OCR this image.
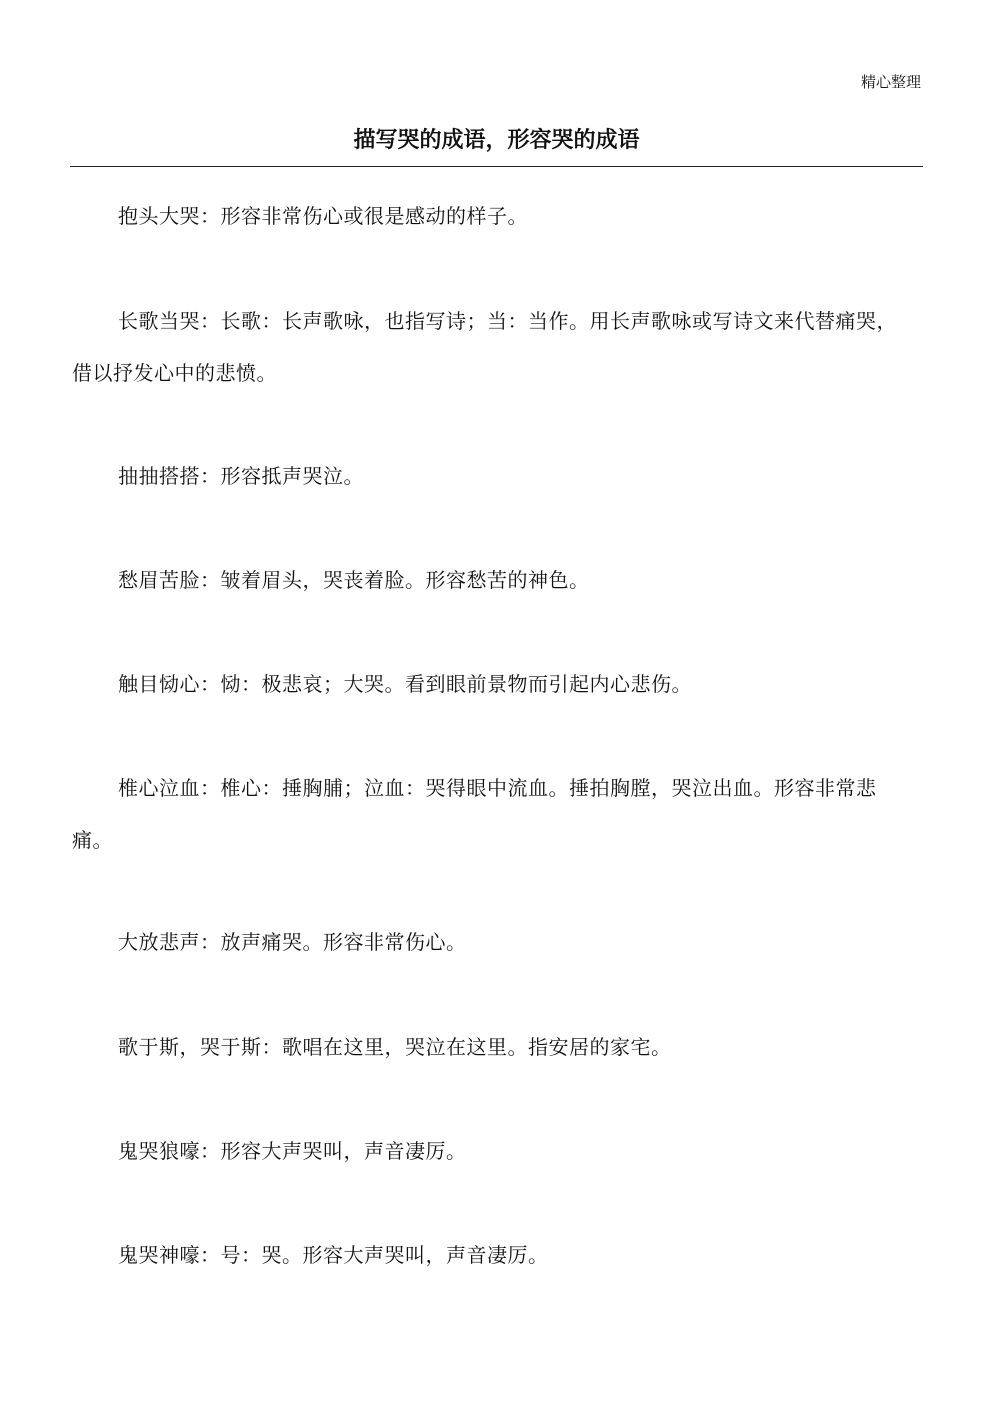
精心整理
描写哭的成语，形容哭的成语

抱头大哭：形容非常伤心或很是感动的样子。

长歌当哭：长歌：长声歌咏，也指写诗；当：当作。用长声歌咏或写诗文来代替痛哭，借以抒发心中的悲愤。

抽抽搭搭：形容抵声哭泣。

愁眉苦脸：皱着眉头，哭丧着脸。形容愁苦的神色。

触目恸心：恸：极悲哀；大哭。看到眼前景物而引起内心悲伤。

椎心泣血：椎心：捶胸脯；泣血：哭得眼中流血。捶拍胸膛，哭泣出血。形容非常悲痛。

大放悲声：放声痛哭。形容非常伤心。

歌于斯，哭于斯：歌唱在这里，哭泣在这里。指安居的家宅。

鬼哭狼嚎：形容大声哭叫，声音凄厉。

鬼哭神嚎：号：哭。形容大声哭叫，声音凄厉。
